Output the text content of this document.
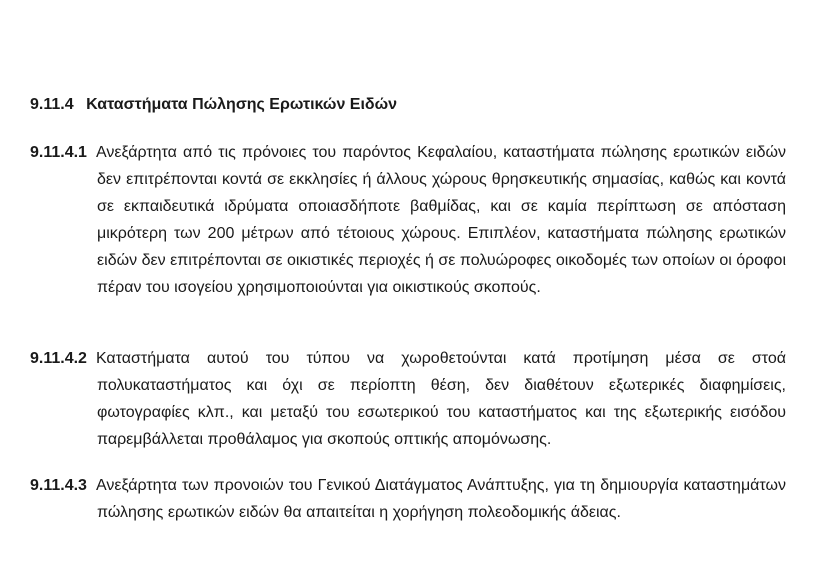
9.11.4 Καταστήματα Πώλησης Ερωτικών Ειδών

9.11.4.1 Ανεξάρτητα από τις πρόνοιες του παρόντος Κεφαλαίου, καταστήματα πώλησης ερωτικών ειδών δεν επιτρέπονται κοντά σε εκκλησίες ή άλλους χώρους θρησκευτικής σημασίας, καθώς και κοντά σε εκπαιδευτικά ιδρύματα οποιασδήποτε βαθμίδας, και σε καμία περίπτωση σε απόσταση μικρότερη των 200 μέτρων από τέτοιους χώρους. Επιπλέον, καταστήματα πώλησης ερωτικών ειδών δεν επιτρέπονται σε οικιστικές περιοχές ή σε πολυώροφες οικοδομές των οποίων οι όροφοι πέραν του ισογείου χρησιμοποιούνται για οικιστικούς σκοπούς.

9.11.4.2 Καταστήματα αυτού του τύπου να χωροθετούνται κατά προτίμηση μέσα σε στοά πολυκαταστήματος και όχι σε περίοπτη θέση, δεν διαθέτουν εξωτερικές διαφημίσεις, φωτογραφίες κλπ., και μεταξύ του εσωτερικού του καταστήματος και της εξωτερικής εισόδου παρεμβάλλεται προθάλαμος για σκοπούς οπτικής απομόνωσης.

9.11.4.3 Ανεξάρτητα των προνοιών του Γενικού Διατάγματος Ανάπτυξης, για τη δημιουργία καταστημάτων πώλησης ερωτικών ειδών θα απαιτείται η χορήγηση πολεοδομικής άδειας.
